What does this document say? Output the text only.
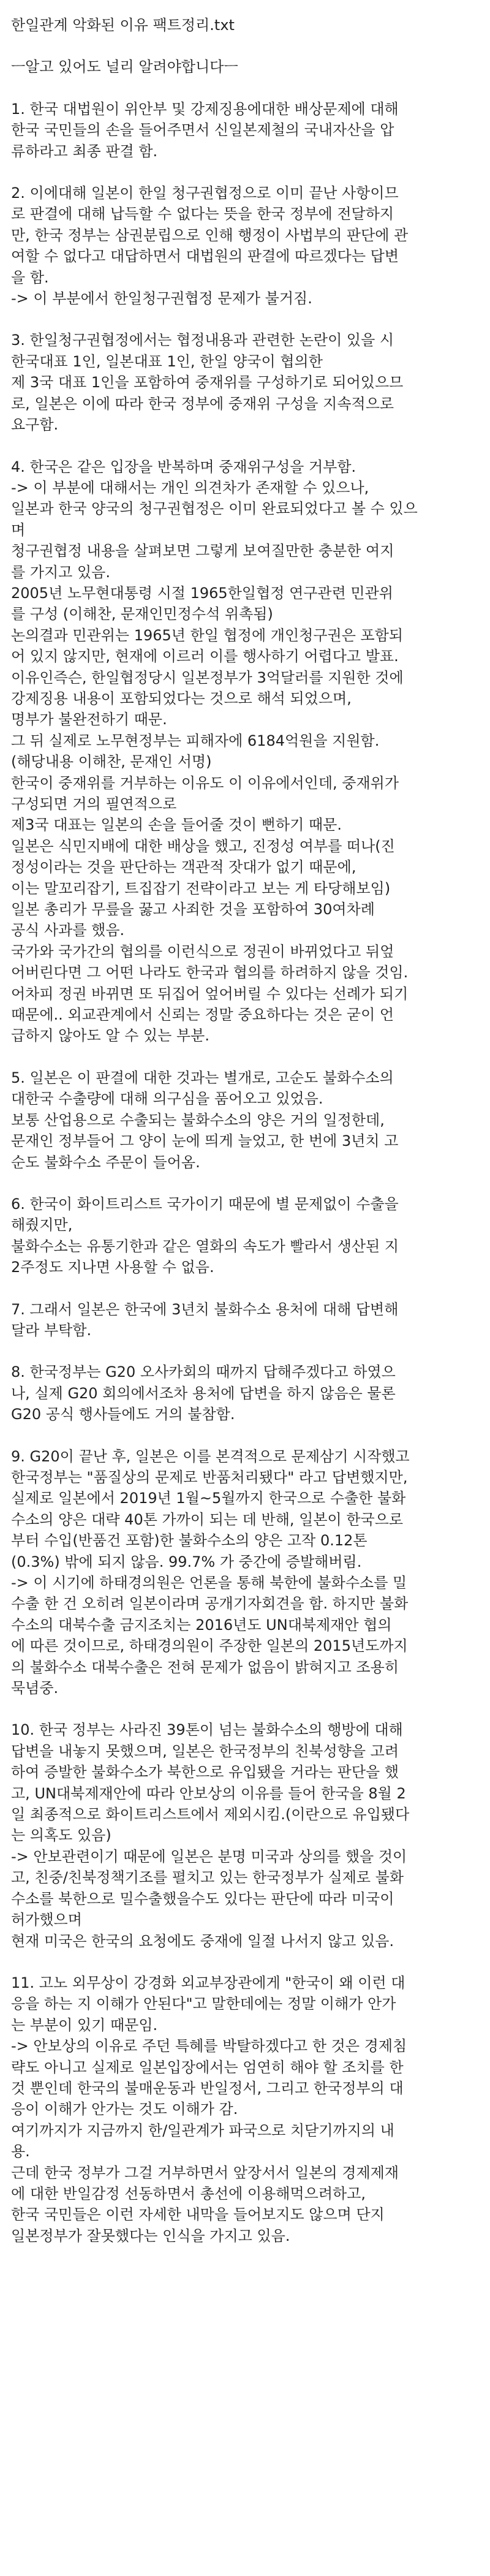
한일관계 악화된 이유 팩트정리.txt
ㅡ알고 있어도 널리 알려야합니다ㅡ
1. 한국 대법원이 위안부 및 강제징용에대한 배상문제에 대해
한국 국민들의 손을 들어주면서 신일본제철의 국내자산을 압
류하라고 최종 판결 함.
2. 이에대해 일본이 한일 청구권협정으로 이미 끝난 사항이므
로 판결에 대해 납득할 수 없다는 뜻을 한국 정부에 전달하지
만, 한국 정부는 삼권분립으로 인해 행정이 사법부의 판단에 관
여할 수 없다고 대답하면서 대법원의 판결에 따르겠다는 답변
을 함.
-> 이 부분에서 한일청구권협정 문제가 불거짐.
3. 한일청구권협정에서는 협정내용과 관련한 논란이 있을 시
한국대표 1인, 일본대표 1인, 한일 양국이 협의한
제 3국 대표 1인을 포함하여 중재위를 구성하기로 되어있으므
로, 일본은 이에 따라 한국 정부에 중재위 구성을 지속적으로
요구함.
4. 한국은 같은 입장을 반복하며 중재위구성을 거부함.
-> 이 부분에 대해서는 개인 의견차가 존재할 수 있으나,
일본과 한국 양국의 청구권협정은 이미 완료되었다고 볼 수 있으
며
청구권협정 내용을 살펴보면 그렇게 보여질만한 충분한 여지
를 가지고 있음.
2005년 노무현대통령 시절 1965한일협정 연구관련 민관위
를 구성 (이해찬, 문재인민정수석 위촉됨)
논의결과 민관위는 1965년 한일 협정에 개인청구권은 포함되
어 있지 않지만, 현재에 이르러 이를 행사하기 어렵다고 발표.
이유인즉슨, 한일협정당시 일본정부가 3억달러를 지원한 것에
강제징용 내용이 포함되었다는 것으로 해석 되었으며,
명부가 불완전하기 때문.
그 뒤 실제로 노무현정부는 피해자에 6184억원을 지원함.
(해당내용 이해찬, 문재인 서명)
한국이 중재위를 거부하는 이유도 이 이유에서인데, 중재위가
구성되면 거의 필연적으로
제3국 대표는 일본의 손을 들어줄 것이 뻔하기 때문.
일본은 식민지배에 대한 배상을 했고, 진정성 여부를 떠나(진
정성이라는 것을 판단하는 객관적 잣대가 없기 때문에,
이는 말꼬리잡기, 트집잡기 전략이라고 보는 게 타당해보임)
일본 총리가 무릎을 꿇고 사죄한 것을 포함하여 30여차례
공식 사과를 했음.
국가와 국가간의 협의를 이런식으로 정권이 바뀌었다고 뒤엎
어버린다면 그 어떤 나라도 한국과 협의를 하려하지 않을 것임.
어차피 정권 바뀌면 또 뒤집어 엎어버릴 수 있다는 선례가 되기
때문에.. 외교관계에서 신뢰는 정말 중요하다는 것은 굳이 언
급하지 않아도 알 수 있는 부분.
5. 일본은 이 판결에 대한 것과는 별개로, 고순도 불화수소의
대한국 수출량에 대해 의구심을 품어오고 있었음.
보통 산업용으로 수출되는 불화수소의 양은 거의 일정한데,
문재인 정부들어 그 양이 눈에 띄게 늘었고, 한 번에 3년치 고
순도 불화수소 주문이 들어옴.
6. 한국이 화이트리스트 국가이기 때문에 별 문제없이 수출을
해줬지만,
불화수소는 유통기한과 같은 열화의 속도가 빨라서 생산된 지
2주정도 지나면 사용할 수 없음.
7. 그래서 일본은 한국에 3년치 불화수소 용처에 대해 답변해
달라 부탁함.
8. 한국정부는 G20 오사카회의 때까지 답해주겠다고 하였으
나, 실제 G20 회의에서조차 용처에 답변을 하지 않음은 물론
G20 공식 행사들에도 거의 불참함.
9. G20이 끝난 후, 일본은 이를 본격적으로 문제삼기 시작했고
한국정부는 "품질상의 문제로 반품처리됐다" 라고 답변했지만,
실제로 일본에서 2019년 1월~5월까지 한국으로 수출한 불화
수소의 양은 대략 40톤 가까이 되는 데 반해, 일본이 한국으로
부터 수입(반품건 포함)한 불화수소의 양은 고작 0.12톤
(0.3%) 밖에 되지 않음. 99.7% 가 중간에 증발해버림.
-> 이 시기에 하태경의원은 언론을 통해 북한에 불화수소를 밀
수출 한 건 오히려 일본이라며 공개기자회견을 함. 하지만 불화
수소의 대북수출 금지조치는 2016년도 UN대북제재안 협의
에 따른 것이므로, 하태경의원이 주장한 일본의 2015년도까지
의 불화수소 대북수출은 전혀 문제가 없음이 밝혀지고 조용히
묵념중.
10. 한국 정부는 사라진 39톤이 넘는 불화수소의 행방에 대해
답변을 내놓지 못했으며, 일본은 한국정부의 친북성향을 고려
하여 증발한 불화수소가 북한으로 유입됐을 거라는 판단을 했
고, UN대북제재안에 따라 안보상의 이유를 들어 한국을 8월 2
일 최종적으로 화이트리스트에서 제외시킴.(이란으로 유입됐다
는 의혹도 있음)
-> 안보관련이기 때문에 일본은 분명 미국과 상의를 했을 것이
고, 친중/친북정책기조를 펼치고 있는 한국정부가 실제로 불화
수소를 북한으로 밀수출했을수도 있다는 판단에 따라 미국이
허가했으며
현재 미국은 한국의 요청에도 중재에 일절 나서지 않고 있음.
11. 고노 외무상이 강경화 외교부장관에게 "한국이 왜 이런 대
응을 하는 지 이해가 안된다"고 말한데에는 정말 이해가 안가
는 부분이 있기 때문임.
-> 안보상의 이유로 주던 특혜를 박탈하겠다고 한 것은 경제침
략도 아니고 실제로 일본입장에서는 엄연히 해야 할 조치를 한
것 뿐인데 한국의 불매운동과 반일정서, 그리고 한국정부의 대
응이 이해가 안가는 것도 이해가 감.
여기까지가 지금까지 한/일관계가 파국으로 치닫기까지의 내
용.
근데 한국 정부가 그걸 거부하면서 앞장서서 일본의 경제제재
에 대한 반일감정 선동하면서 총선에 이용해먹으려하고,
한국 국민들은 이런 자세한 내막을 들어보지도 않으며 단지
일본정부가 잘못했다는 인식을 가지고 있음.
